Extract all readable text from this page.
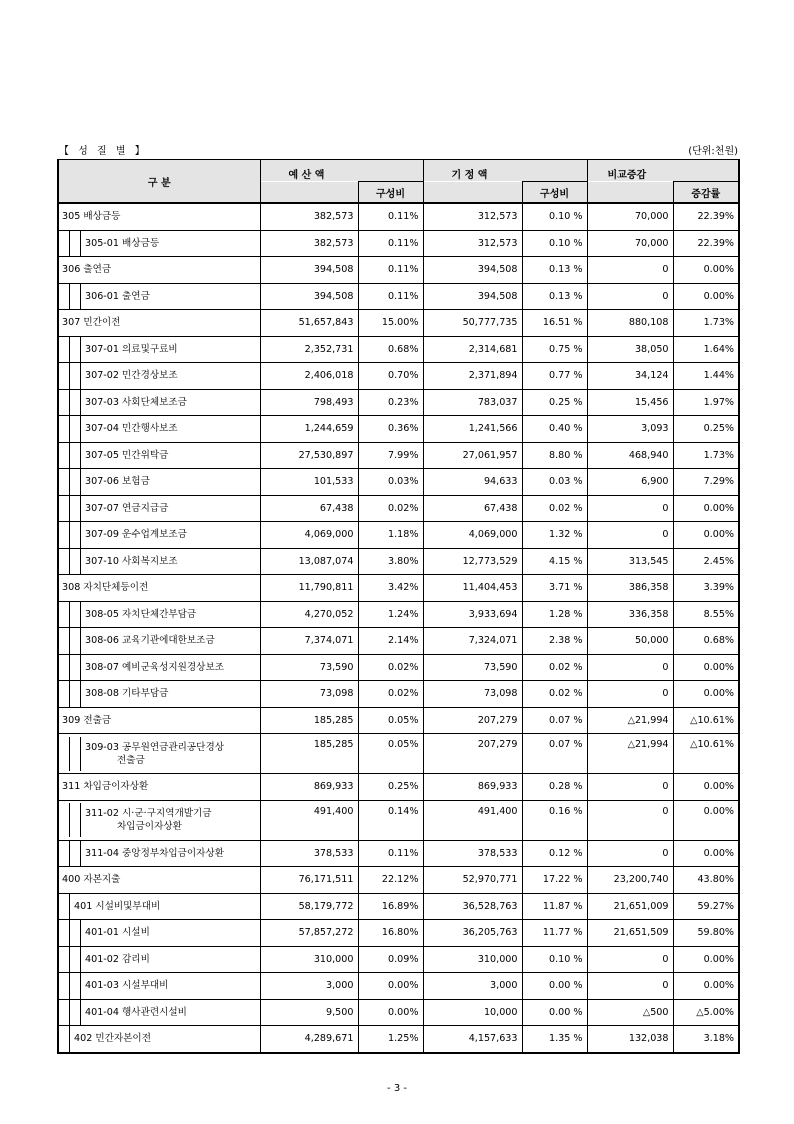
【 성 질 별 】	(단위:천원)
구 분	예 산 액		기 정 액		비교증감	
		구성비		구성비		증감률

305 배상금등	382,573	0.11%	312,573	0.10 %	70,000	22.39%

305-01 배상금등	382,573	0.11%	312,573	0.10 %	70,000	22.39%

306 출연금	394,508	0.11%	394,508	0.13 %	0	0.00%

306-01 출연금	394,508	0.11%	394,508	0.13 %	0	0.00%

307 민간이전	51,657,843	15.00%	50,777,735	16.51 %	880,108	1.73%

307-01 의료및구료비	2,352,731	0.68%	2,314,681	0.75 %	38,050	1.64%

307-02 민간경상보조	2,406,018	0.70%	2,371,894	0.77 %	34,124	1.44%

307-03 사회단체보조금	798,493	0.23%	783,037	0.25 %	15,456	1.97%

307-04 민간행사보조	1,244,659	0.36%	1,241,566	0.40 %	3,093	0.25%

307-05 민간위탁금	27,530,897	7.99%	27,061,957	8.80 %	468,940	1.73%

307-06 보험금	101,533	0.03%	94,633	0.03 %	6,900	7.29%

307-07 연금지급금	67,438	0.02%	67,438	0.02 %	0	0.00%

307-09 운수업계보조금	4,069,000	1.18%	4,069,000	1.32 %	0	0.00%

307-10 사회복지보조	13,087,074	3.80%	12,773,529	4.15 %	313,545	2.45%

308 자치단체등이전	11,790,811	3.42%	11,404,453	3.71 %	386,358	3.39%

308-05 자치단체간부담금	4,270,052	1.24%	3,933,694	1.28 %	336,358	8.55%

308-06 교육기관에대한보조금	7,374,071	2.14%	7,324,071	2.38 %	50,000	0.68%

308-07 예비군육성지원경상보조	73,590	0.02%	73,590	0.02 %	0	0.00%

308-08 기타부담금	73,098	0.02%	73,098	0.02 %	0	0.00%

309 전출금	185,285	0.05%	207,279	0.07 %	△21,994	△10.61%

309-03 공무원연금관리공단경상
전출금	185,285	0.05%	207,279	0.07 %	△21,994	△10.61%

311 차입금이자상환	869,933	0.25%	869,933	0.28 %	0	0.00%

311-02 시·군·구지역개발기금
차입금이자상환	491,400	0.14%	491,400	0.16 %	0	0.00%

311-04 중앙정부차입금이자상환	378,533	0.11%	378,533	0.12 %	0	0.00%

400 자본지출	76,171,511	22.12%	52,970,771	17.22 %	23,200,740	43.80%

401 시설비및부대비	58,179,772	16.89%	36,528,763	11.87 %	21,651,009	59.27%

401-01 시설비	57,857,272	16.80%	36,205,763	11.77 %	21,651,509	59.80%

401-02 감리비	310,000	0.09%	310,000	0.10 %	0	0.00%

401-03 시설부대비	3,000	0.00%	3,000	0.00 %	0	0.00%

401-04 행사관련시설비	9,500	0.00%	10,000	0.00 %	△500	△5.00%

402 민간자본이전	4,289,671	1.25%	4,157,633	1.35 %	132,038	3.18%
- 3 -
